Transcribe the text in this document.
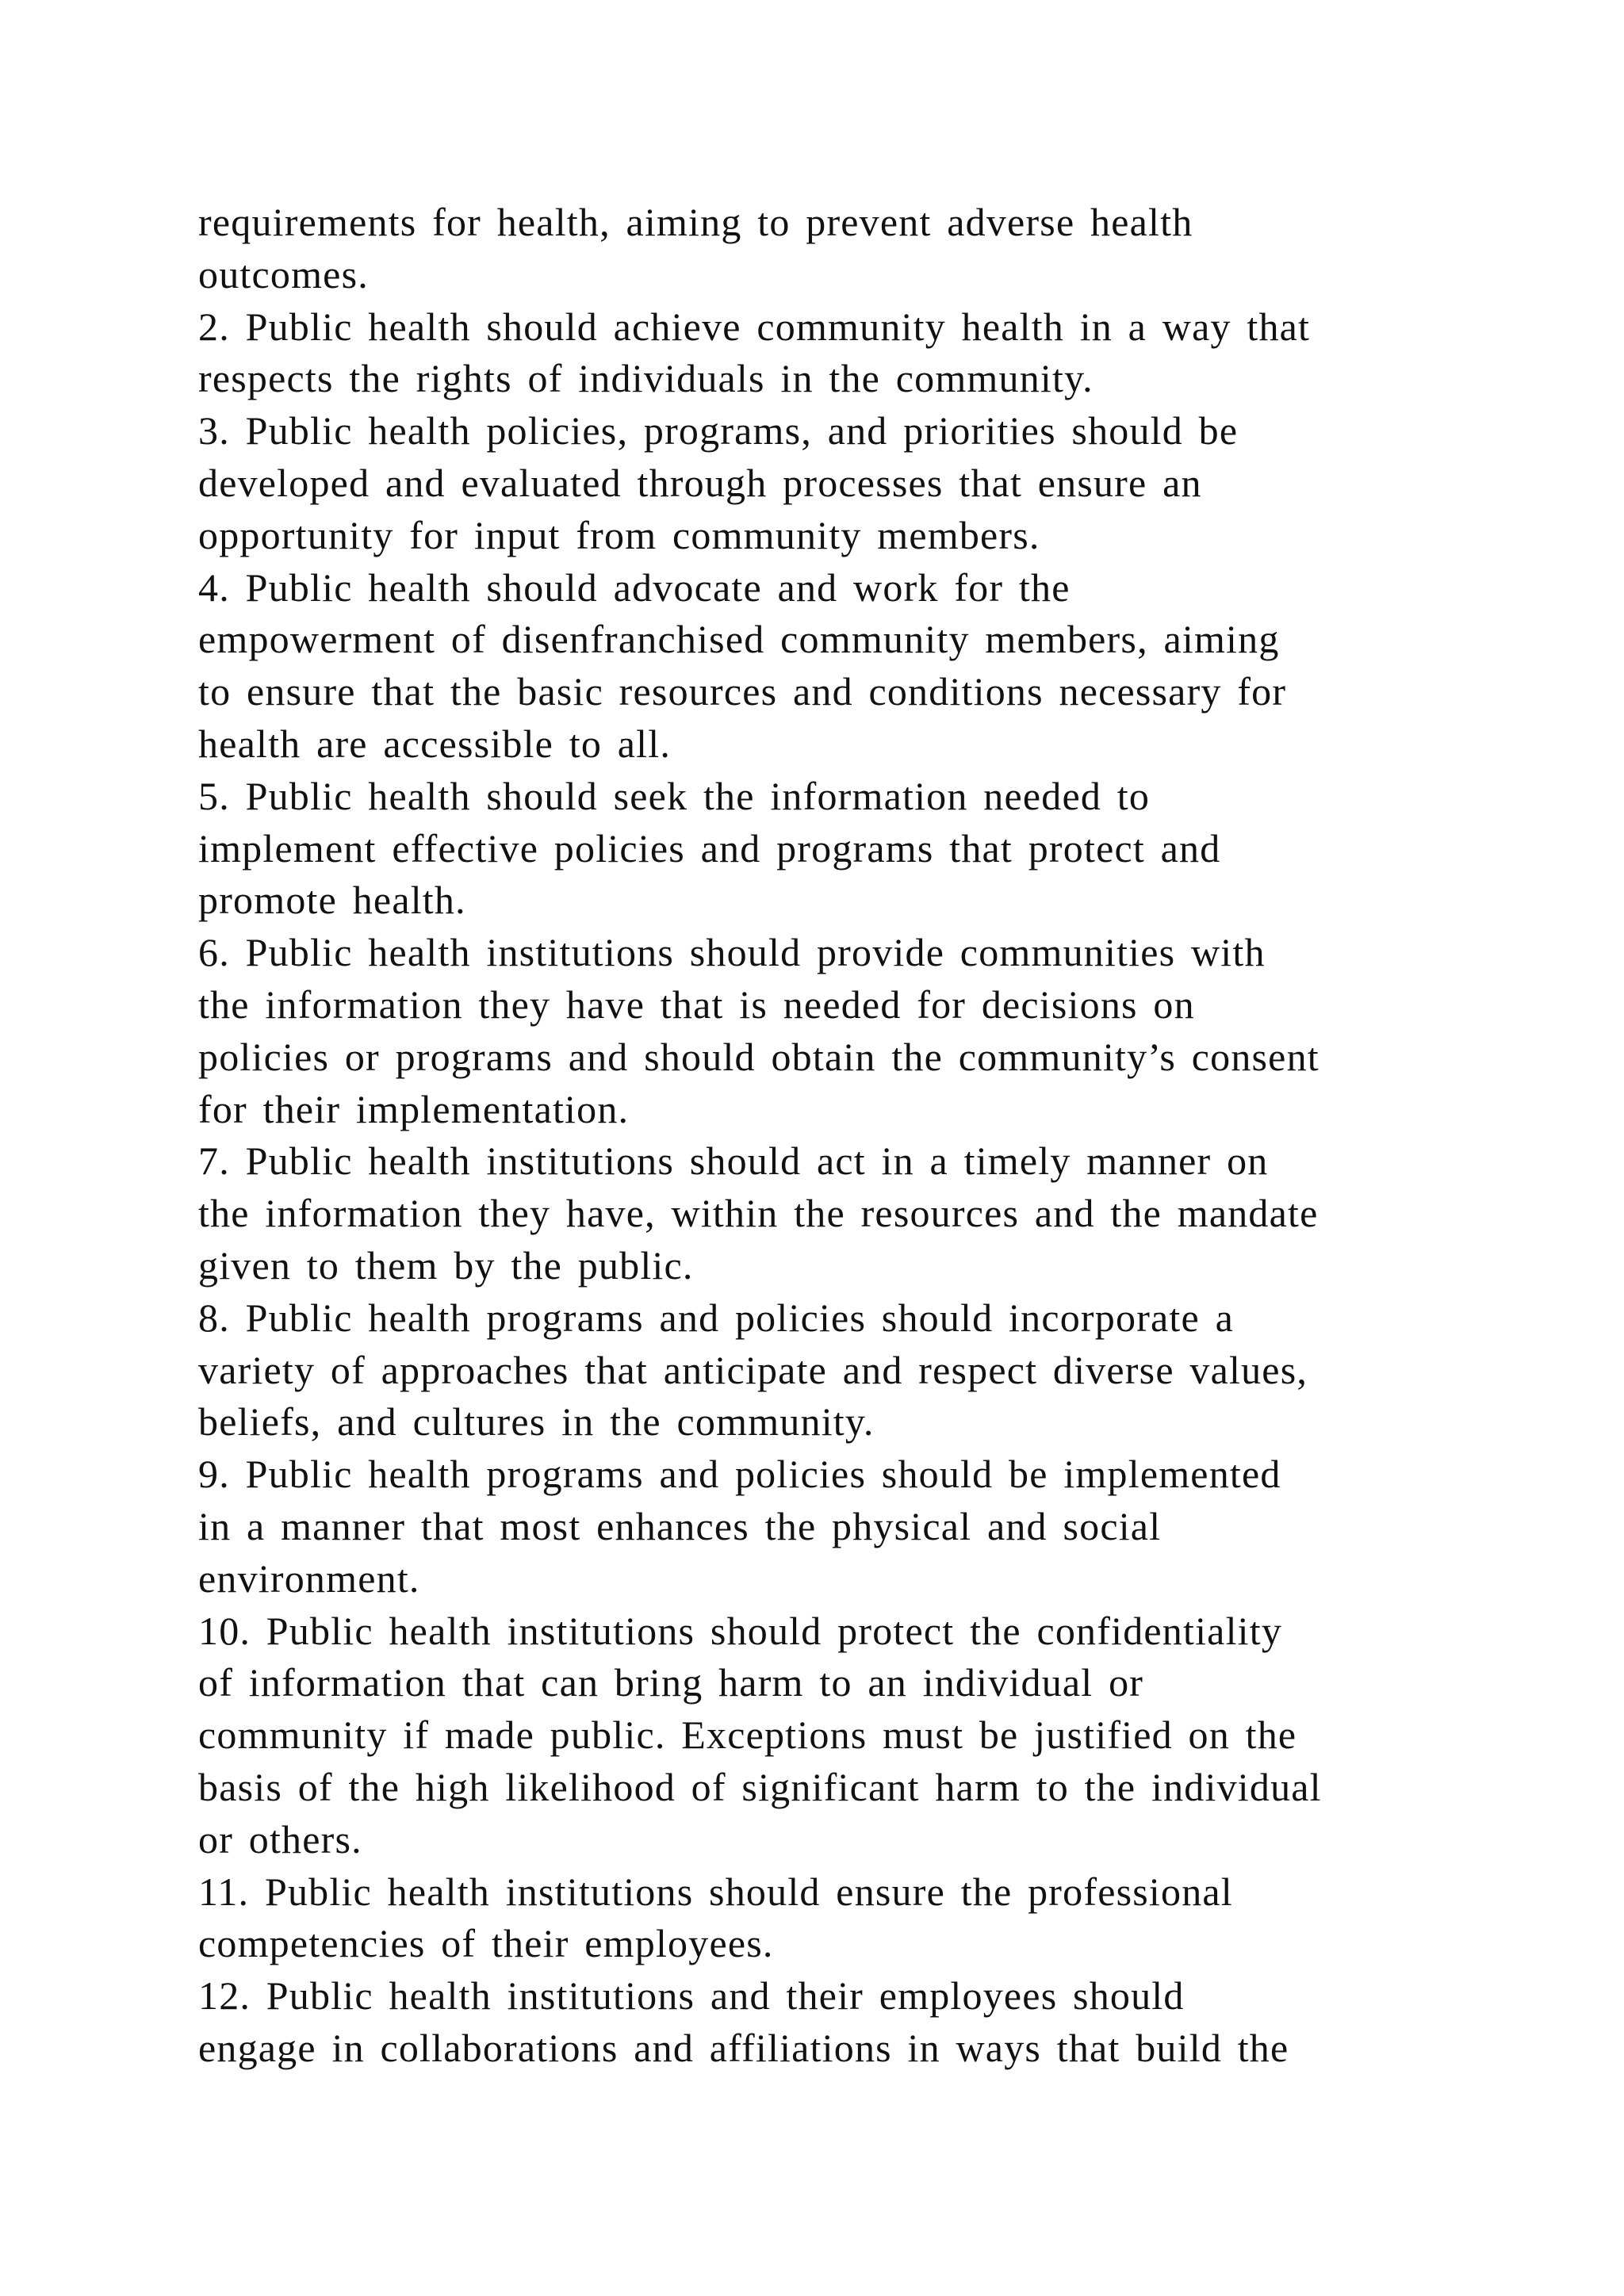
requirements for health, aiming to prevent adverse health
outcomes.
2. Public health should achieve community health in a way that
respects the rights of individuals in the community.
3. Public health policies, programs, and priorities should be
developed and evaluated through processes that ensure an
opportunity for input from community members.
4. Public health should advocate and work for the
empowerment of disenfranchised community members, aiming
to ensure that the basic resources and conditions necessary for
health are accessible to all.
5. Public health should seek the information needed to
implement effective policies and programs that protect and
promote health.
6. Public health institutions should provide communities with
the information they have that is needed for decisions on
policies or programs and should obtain the community’s consent
for their implementation.
7. Public health institutions should act in a timely manner on
the information they have, within the resources and the mandate
given to them by the public.
8. Public health programs and policies should incorporate a
variety of approaches that anticipate and respect diverse values,
beliefs, and cultures in the community.
9. Public health programs and policies should be implemented
in a manner that most enhances the physical and social
environment.
10. Public health institutions should protect the confidentiality
of information that can bring harm to an individual or
community if made public. Exceptions must be justified on the
basis of the high likelihood of significant harm to the individual
or others.
11. Public health institutions should ensure the professional
competencies of their employees.
12. Public health institutions and their employees should
engage in collaborations and affiliations in ways that build the
